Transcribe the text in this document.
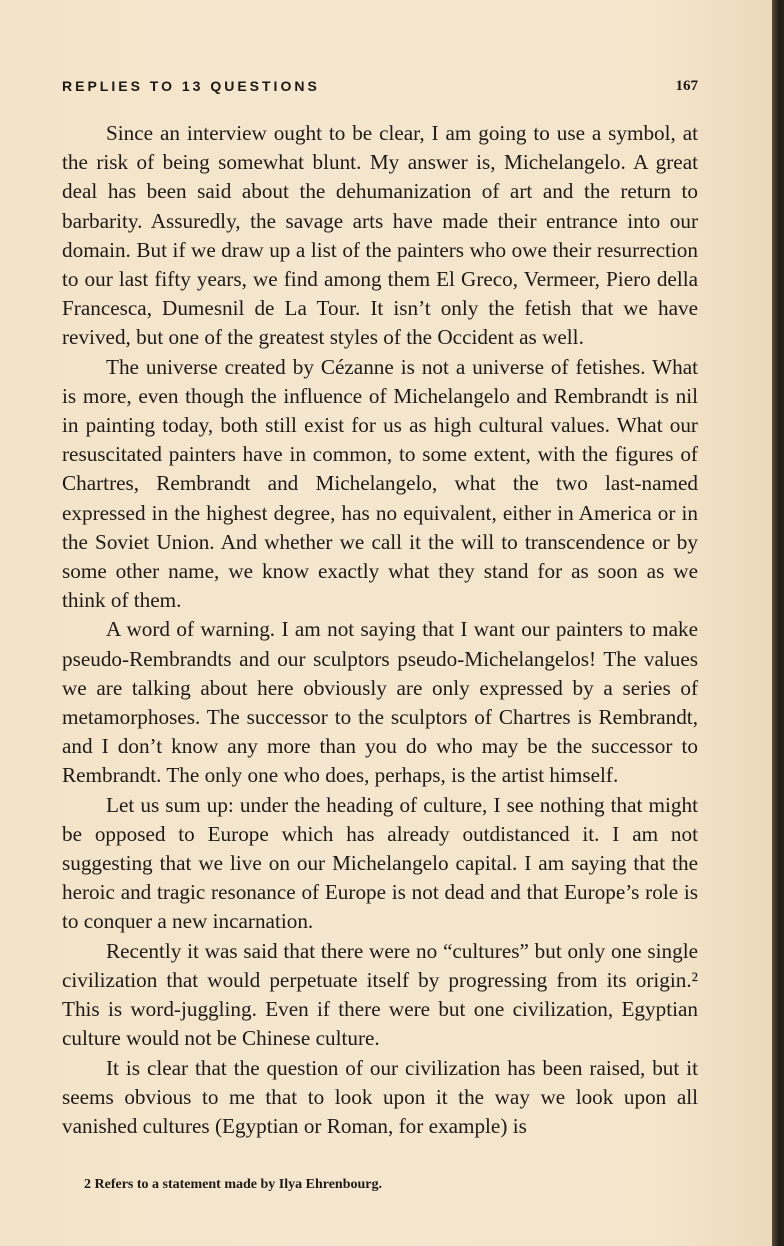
REPLIES TO 13 QUESTIONS	167

Since an interview ought to be clear, I am going to use a symbol, at the risk of being somewhat blunt. My answer is, Michelangelo. A great deal has been said about the dehumanization of art and the return to barbarity. Assuredly, the savage arts have made their entrance into our domain. But if we draw up a list of the painters who owe their resurrection to our last fifty years, we find among them El Greco, Vermeer, Piero della Francesca, Dumesnil de La Tour. It isn’t only the fetish that we have revived, but one of the greatest styles of the Occident as well.

The universe created by Cézanne is not a universe of fetishes. What is more, even though the influence of Michelangelo and Rembrandt is nil in painting today, both still exist for us as high cultural values. What our resuscitated painters have in common, to some extent, with the figures of Chartres, Rembrandt and Michelangelo, what the two last-named expressed in the highest degree, has no equivalent, either in America or in the Soviet Union. And whether we call it the will to transcendence or by some other name, we know exactly what they stand for as soon as we think of them.

A word of warning. I am not saying that I want our painters to make pseudo-Rembrandts and our sculptors pseudo-Michelangelos! The values we are talking about here obviously are only expressed by a series of metamorphoses. The successor to the sculptors of Chartres is Rembrandt, and I don’t know any more than you do who may be the successor to Rembrandt. The only one who does, perhaps, is the artist himself.

Let us sum up: under the heading of culture, I see nothing that might be opposed to Europe which has already outdistanced it. I am not suggesting that we live on our Michelangelo capital. I am saying that the heroic and tragic resonance of Europe is not dead and that Europe’s role is to conquer a new incarnation.

Recently it was said that there were no “cultures” but only one single civilization that would perpetuate itself by progressing from its origin.² This is word-juggling. Even if there were but one civilization, Egyptian culture would not be Chinese culture.

It is clear that the question of our civilization has been raised, but it seems obvious to me that to look upon it the way we look upon all vanished cultures (Egyptian or Roman, for example) is

2 Refers to a statement made by Ilya Ehrenbourg.
